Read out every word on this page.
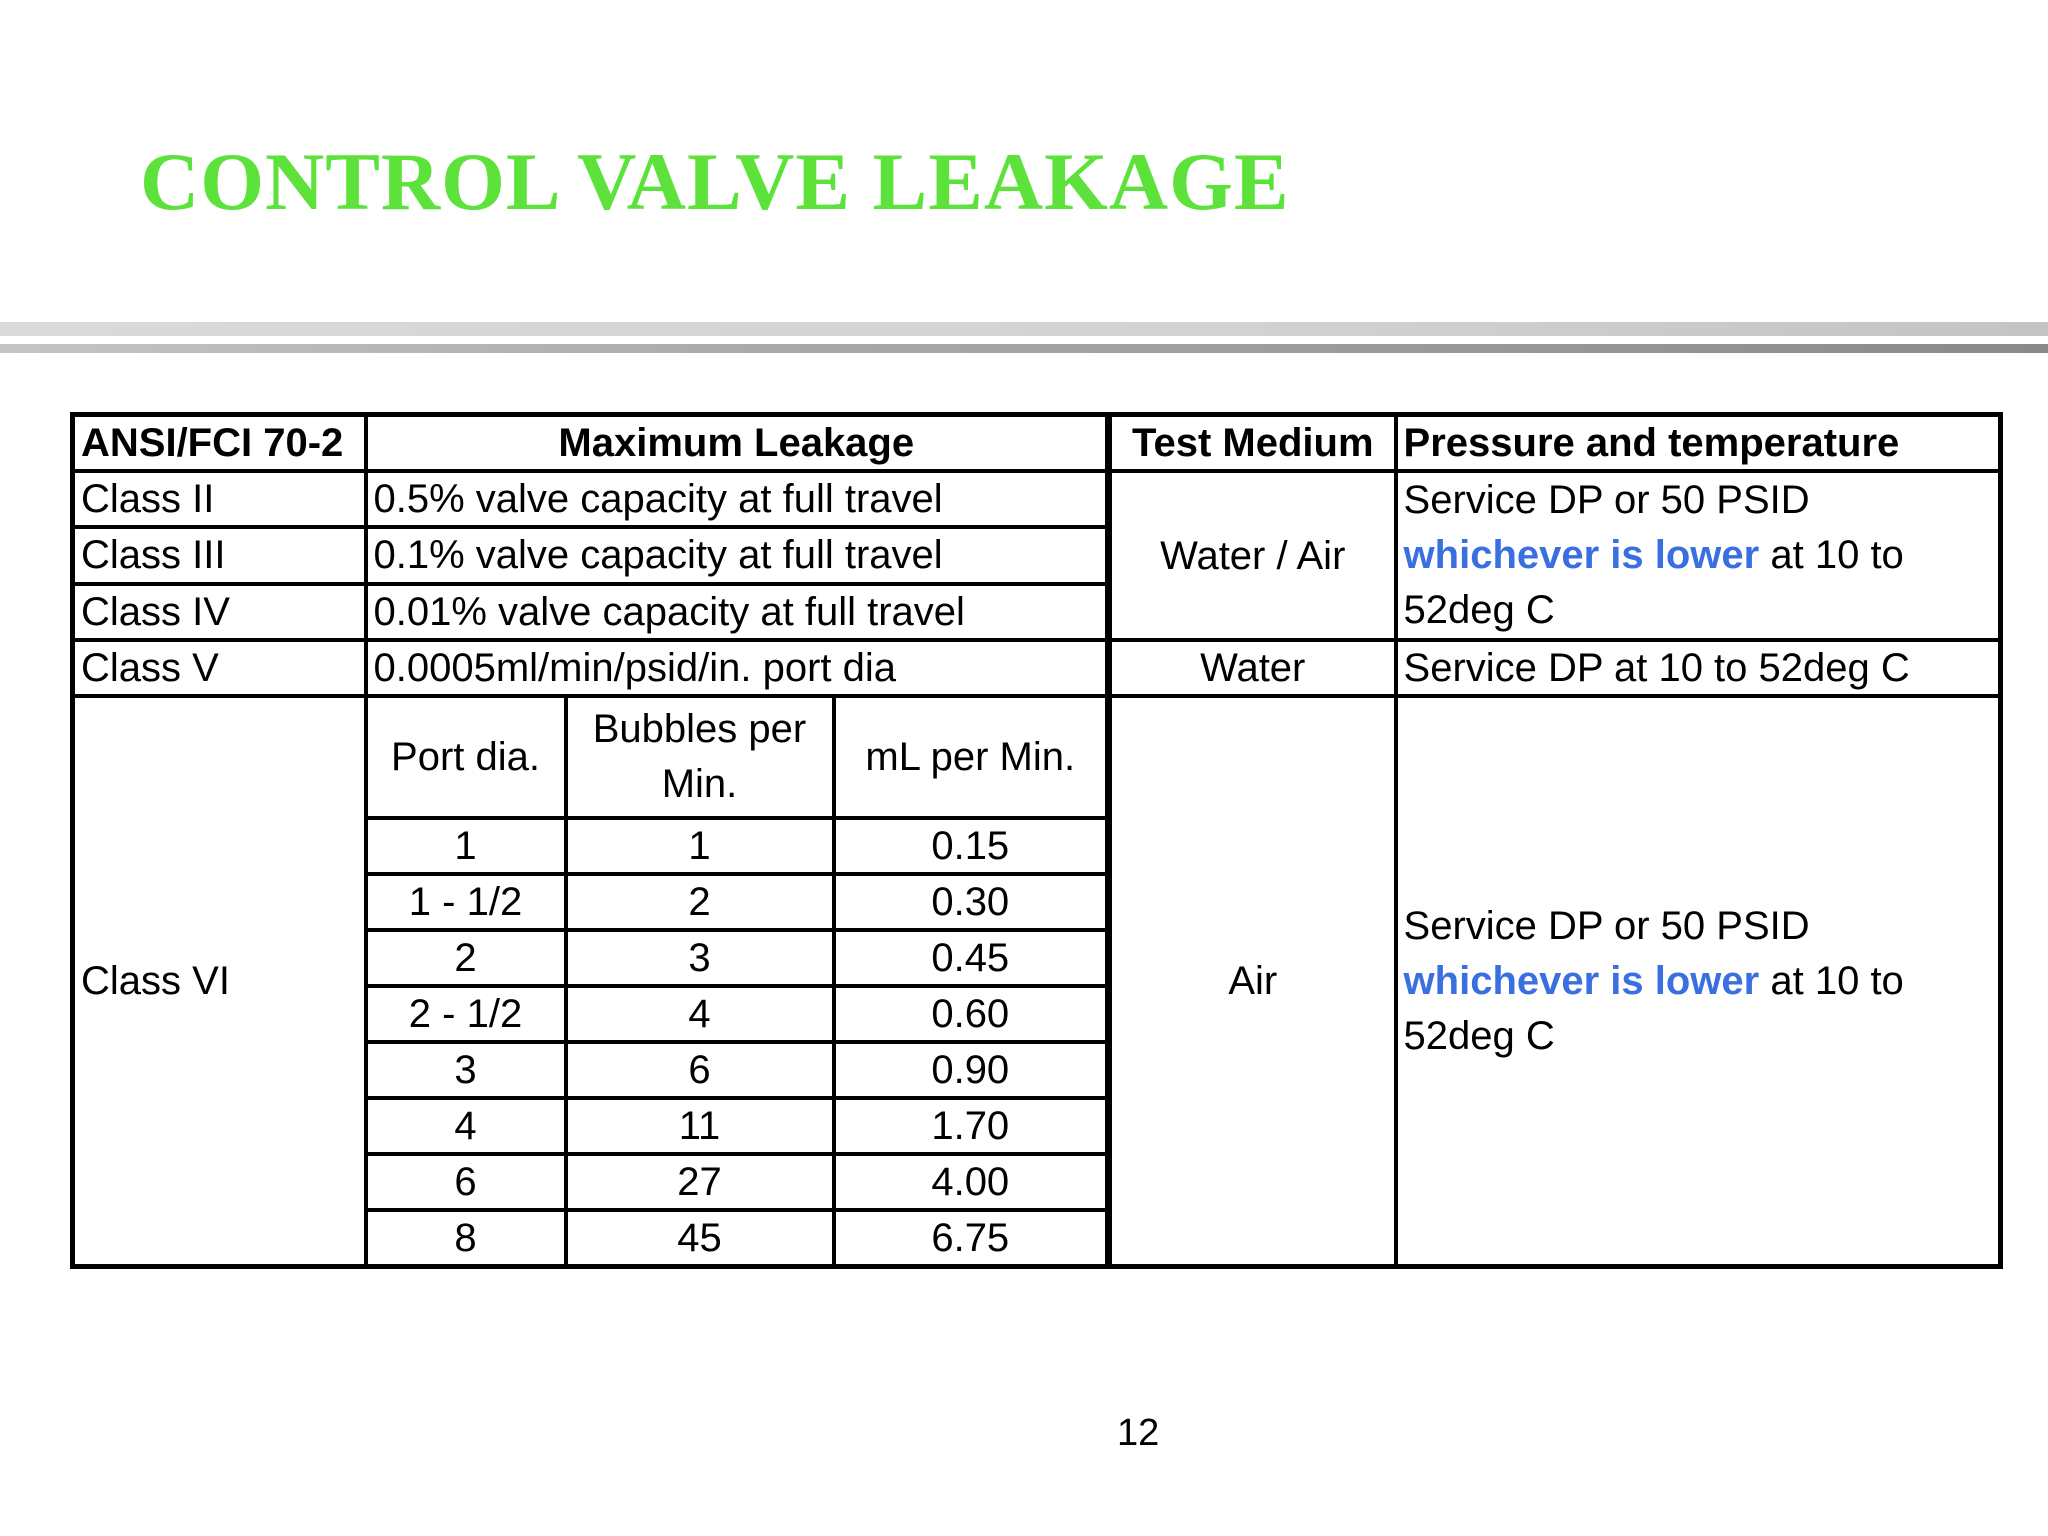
CONTROL VALVE LEAKAGE
ANSI/FCI 70-2	Maximum Leakage			Test Medium	Pressure and temperature
Class II	0.5% valve capacity at full travel			Water / Air	Service DP or 50 PSID whichever is lower at 10 to 52deg C
Class III	0.1% valve capacity at full travel				
Class IV	0.01% valve capacity at full travel				
Class V	0.0005ml/min/psid/in. port dia			Water	Service DP at 10 to 52deg C
Class VI	Port dia.	Bubbles per Min.	mL per Min.	Air	Service DP or 50 PSID whichever is lower at 10 to 52deg C
	1	1	0.15		
	1 - 1/2	2	0.30		
	2	3	0.45		
	2 - 1/2	4	0.60		
	3	6	0.90		
	4	11	1.70		
	6	27	4.00		
	8	45	6.75		
12
